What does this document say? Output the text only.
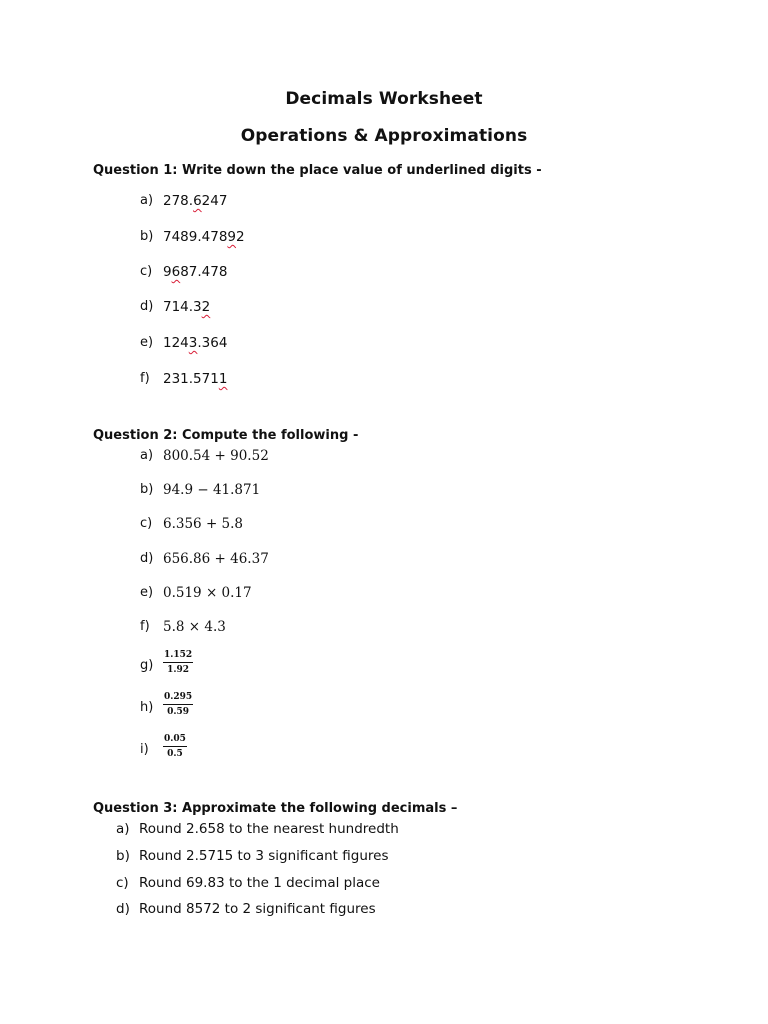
Decimals Worksheet
Operations & Approximations

Question 1: Write down the place value of underlined digits -

a) 278.6247
b) 7489.47892
c) 9687.478
d) 714.32
e) 1243.364
f) 231.5711

Question 2: Compute the following -

a) 800.54 + 90.52
b) 94.9 − 41.871
c) 6.356 + 5.8
d) 656.86 + 46.37
e) 0.519 × 0.17
f) 5.8 × 4.3
$g) \frac{1.152}{1.92}$
$h) \frac{0.295}{0.59}$
$i) \frac{0.05}{0.5}$

Question 3: Approximate the following decimals –

a) Round 2.658 to the nearest hundredth
b) Round 2.5715 to 3 significant figures
c) Round 69.83 to the 1 decimal place
d) Round 8572 to 2 significant figures
